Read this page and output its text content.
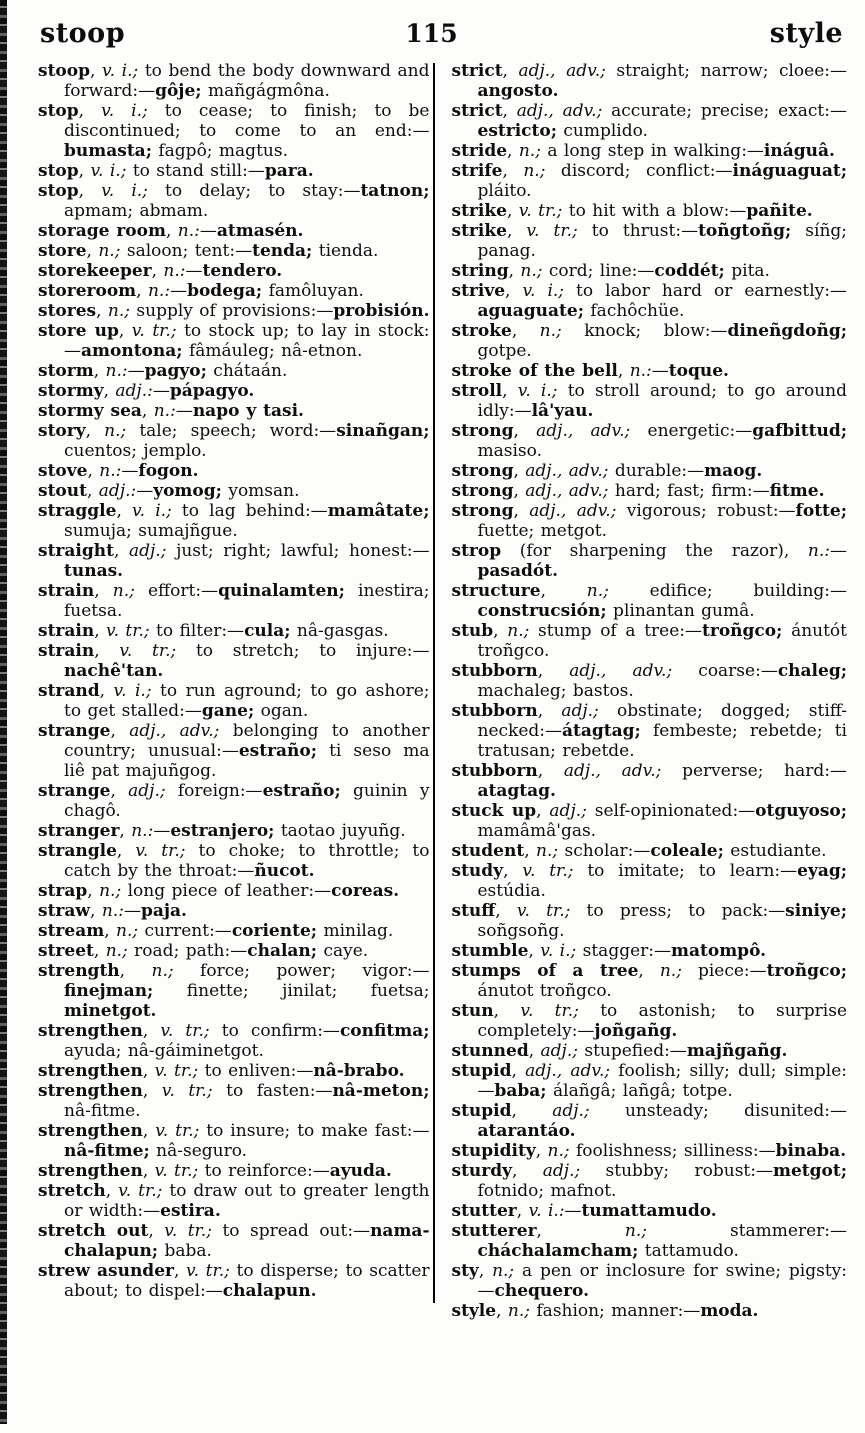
stoop	115	style

stoop, v. i.; to bend the body downward and forward:—gôje; mañgágmôna.

stop, v. i.; to cease; to finish; to be discontinued; to come to an end:—bumasta; fagpô; magtus.

stop, v. i.; to stand still:—para.

stop, v. i.; to delay; to stay:—tatnon; apmam; abmam.

storage room, n.:—atmasén.

store, n.; saloon; tent:—tenda; tienda.

storekeeper, n.:—tendero.

storeroom, n.:—bodega; famôluyan.

stores, n.; supply of provisions:—probisión.

store up, v. tr.; to stock up; to lay in stock:—amontona; fâmáuleg; nâ-etnon.

storm, n.:—pagyo; chátaán.

stormy, adj.:—pápagyo.

stormy sea, n.:—napo y tasi.

story, n.; tale; speech; word:—sinañgan; cuentos; jemplo.

stove, n.:—fogon.

stout, adj.:—yomog; yomsan.

straggle, v. i.; to lag behind:—mamâtate; sumuja; sumajñgue.

straight, adj.; just; right; lawful; honest:—tunas.

strain, n.; effort:—quinalamten; inestira; fuetsa.

strain, v. tr.; to filter:—cula; nâ-gasgas.

strain, v. tr.; to stretch; to injure:—nachê'tan.

strand, v. i.; to run aground; to go ashore; to get stalled:—gane; ogan.

strange, adj., adv.; belonging to another country; unusual:—estraño; ti seso ma liê pat majuñgog.

strange, adj.; foreign:—estraño; guinin y chagô.

stranger, n.:—estranjero; taotao juyuñg.

strangle, v. tr.; to choke; to throttle; to catch by the throat:—ñucot.

strap, n.; long piece of leather:—coreas.

straw, n.:—paja.

stream, n.; current:—coriente; minilag.

street, n.; road; path:—chalan; caye.

strength, n.; force; power; vigor:—finejman; finette; jinilat; fuetsa; minetgot.

strengthen, v. tr.; to confirm:—confitma; ayuda; nâ-gáiminetgot.

strengthen, v. tr.; to enliven:—nâ-brabo.

strengthen, v. tr.; to fasten:—nâ-meton; nâ-fitme.

strengthen, v. tr.; to insure; to make fast:—nâ-fitme; nâ-seguro.

strengthen, v. tr.; to reinforce:—ayuda.

stretch, v. tr.; to draw out to greater length or width:—estira.

stretch out, v. tr.; to spread out:—nama-chalapun; baba.

strew asunder, v. tr.; to disperse; to scatter about; to dispel:—chalapun.

strict, adj., adv.; straight; narrow; cloee:—angosto.

strict, adj., adv.; accurate; precise; exact:—estricto; cumplido.

stride, n.; a long step in walking:—ináguâ.

strife, n.; discord; conflict:—ináguaguat; pláito.

strike, v. tr.; to hit with a blow:—pañite.

strike, v. tr.; to thrust:—toñgtoñg; síñg; panag.

string, n.; cord; line:—coddét; pita.

strive, v. i.; to labor hard or earnestly:—aguaguate; fachôchüe.

stroke, n.; knock; blow:—dineñgdoñg; gotpe.

stroke of the bell, n.:—toque.

stroll, v. i.; to stroll around; to go around idly:—lâ'yau.

strong, adj., adv.; energetic:—gafbittud; masiso.

strong, adj., adv.; durable:—maog.

strong, adj., adv.; hard; fast; firm:—fitme.

strong, adj., adv.; vigorous; robust:—fotte; fuette; metgot.

strop (for sharpening the razor), n.:—pasadót.

structure, n.; edifice; building:—construcsión; plinantan gumâ.

stub, n.; stump of a tree:—troñgco; ánutót troñgco.

stubborn, adj., adv.; coarse:—chaleg; machaleg; bastos.

stubborn, adj.; obstinate; dogged; stiff-necked:—átagtag; fembeste; rebetde; ti tratusan; rebetde.

stubborn, adj., adv.; perverse; hard:—atagtag.

stuck up, adj.; self-opinionated:—otguyoso; mamâmâ'gas.

student, n.; scholar:—coleale; estudiante.

study, v. tr.; to imitate; to learn:—eyag; estúdia.

stuff, v. tr.; to press; to pack:—siniye; soñgsoñg.

stumble, v. i.; stagger:—matompô.

stumps of a tree, n.; piece:—troñgco; ánutot troñgco.

stun, v. tr.; to astonish; to surprise completely:—joñgañg.

stunned, adj.; stupefied:—majñgañg.

stupid, adj., adv.; foolish; silly; dull; simple:—baba; álañgâ; lañgâ; totpe.

stupid, adj.; unsteady; disunited:—atarantáo.

stupidity, n.; foolishness; silliness:—binaba.

sturdy, adj.; stubby; robust:—metgot; fotnido; mafnot.

stutter, v. i.:—tumattamudo.

stutterer, n.; stammerer:—cháchalamcham; tattamudo.

sty, n.; a pen or inclosure for swine; pigsty:—chequero.

style, n.; fashion; manner:—moda.
